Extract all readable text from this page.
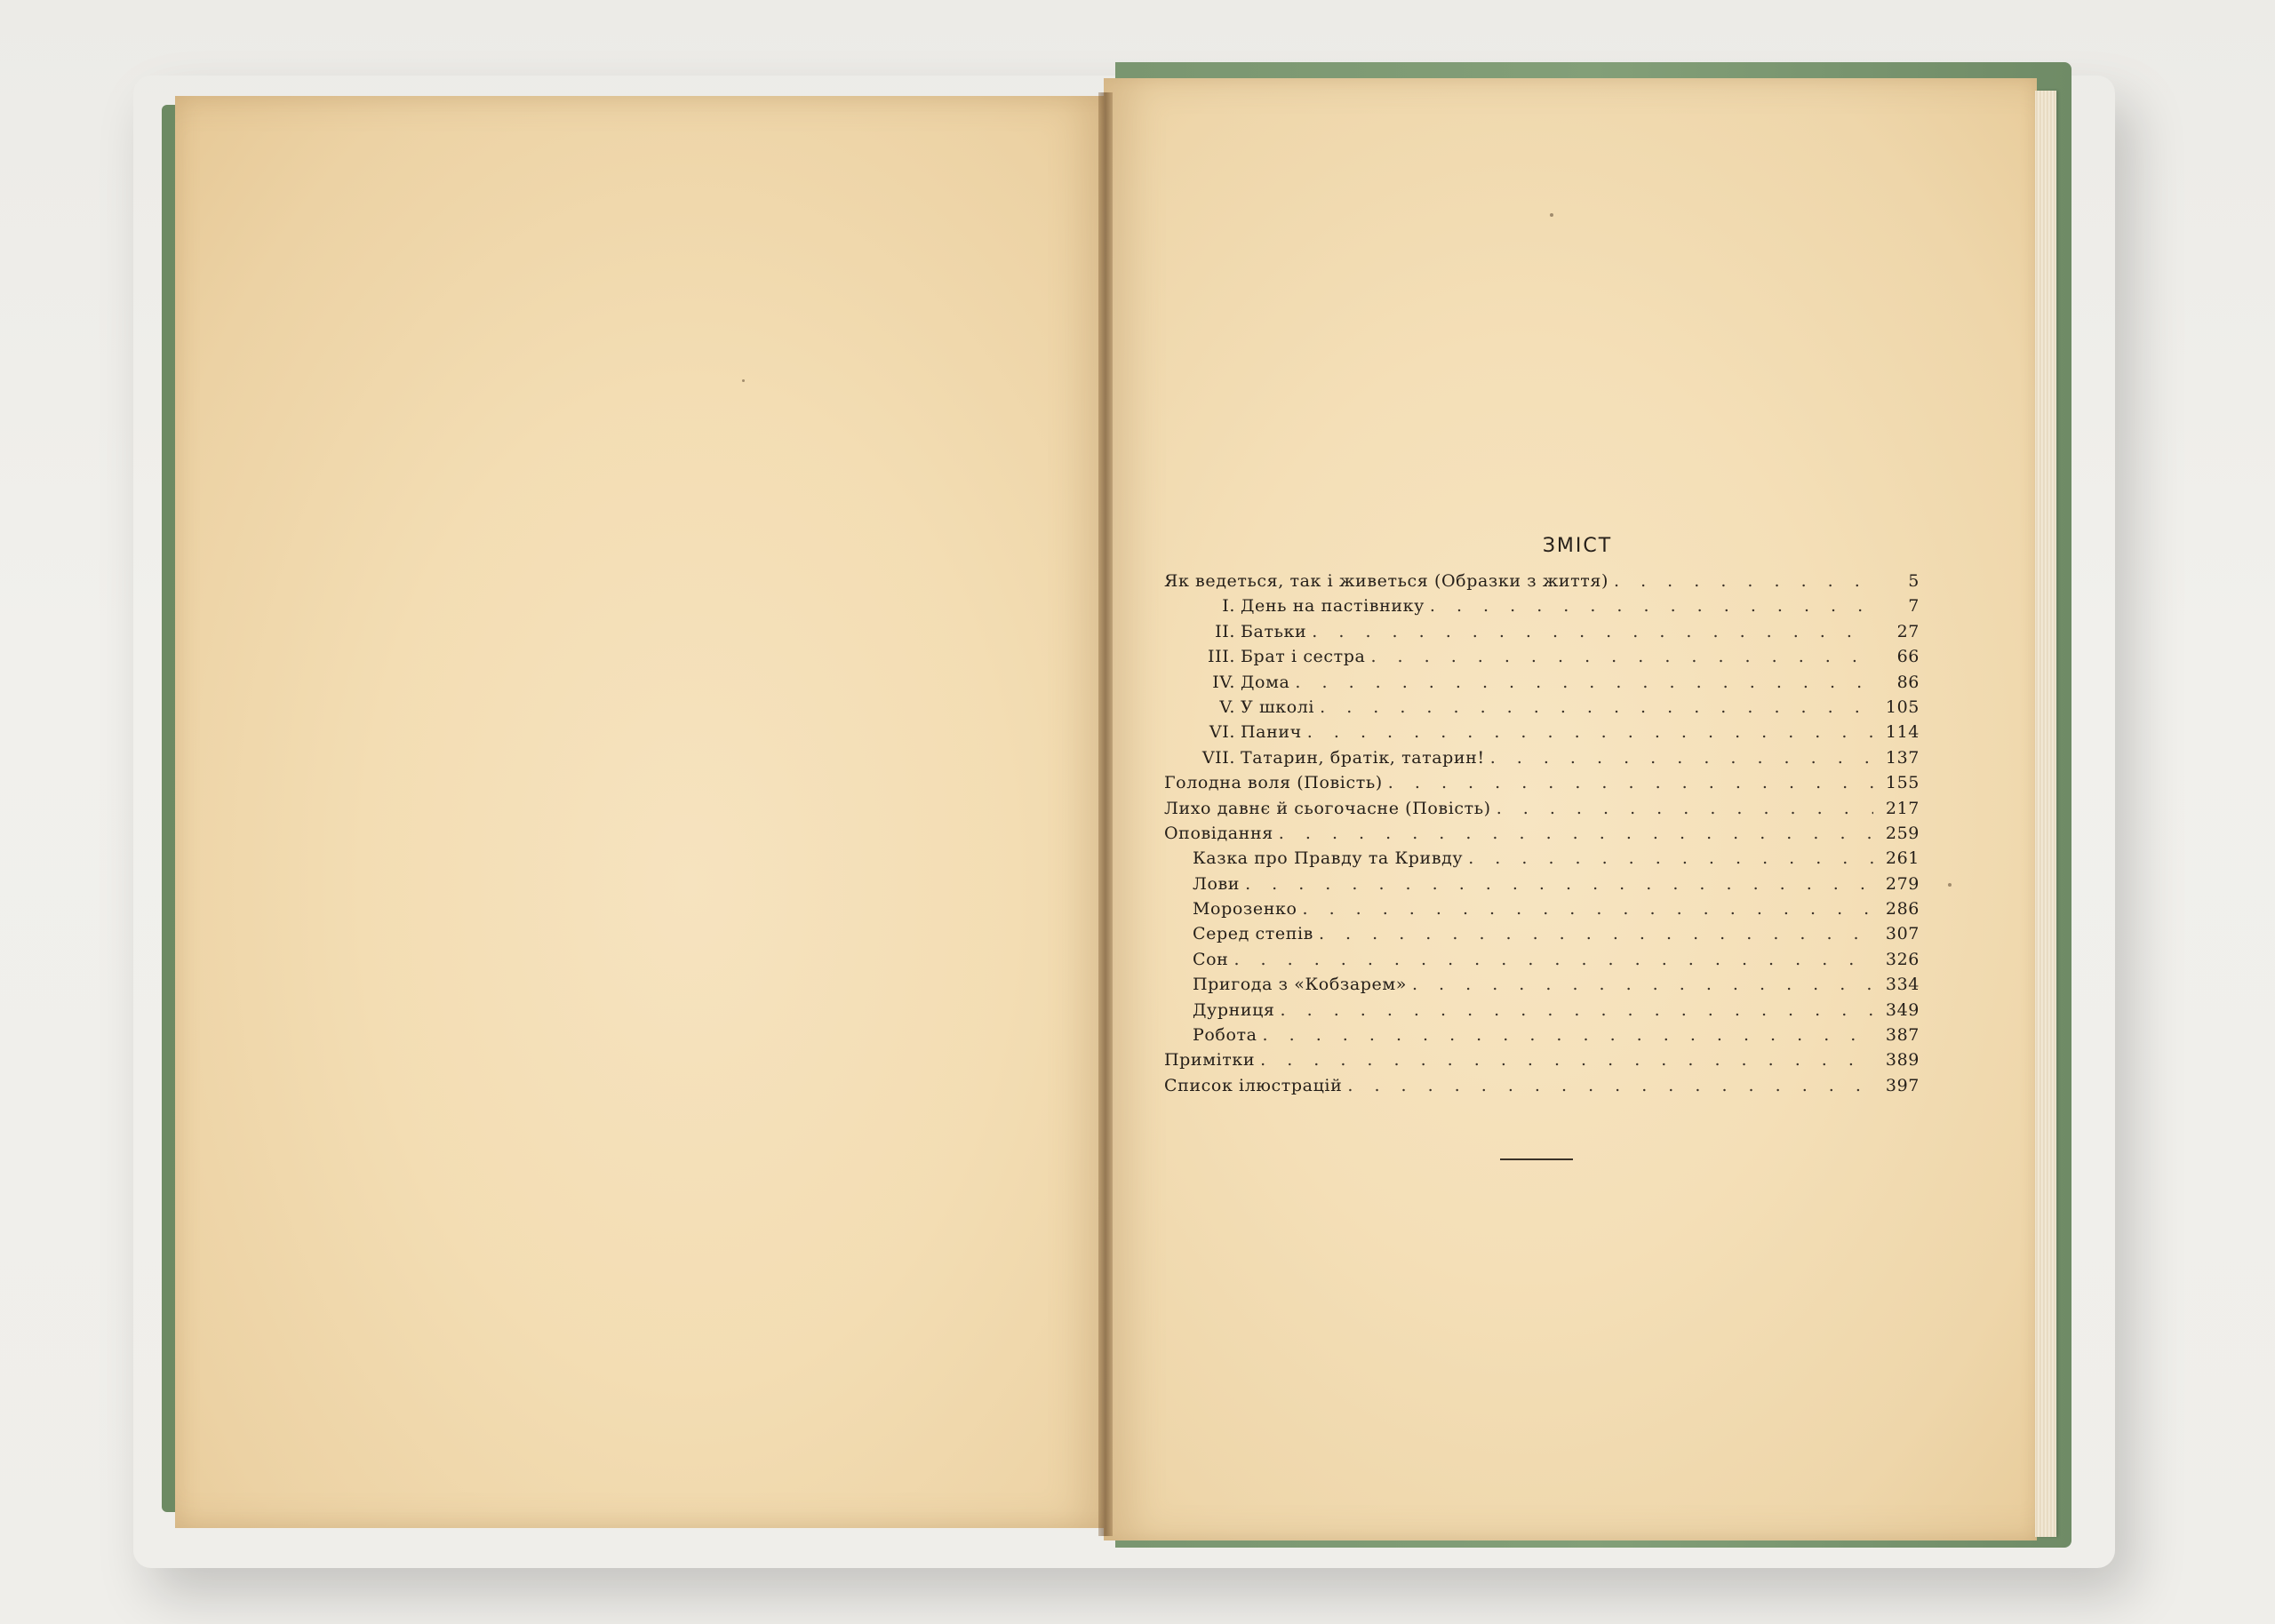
ЗМІСТ
Як ведеться, так і живеться (Образки з життя) . . .	5
I. День на пастівнику . . .	7
II. Батьки . . .	27
III. Брат і сестра . . .	66
IV. Дома . . .	86
V. У школі . . .	105
VI. Панич . . .	114
VII. Татарин, братік, татарин! . . .	137
Голодна воля (Повість) . . .	155
Лихо давнє й сьогочасне (Повість) . . .	217
Оповідання . . .	259
Казка про Правду та Кривду . . .	261
Лови . . .	279
Морозенко . . .	286
Серед степів . . .	307
Сон . . .	326
Пригода з «Кобзарем» . . .	334
Дурниця . . .	349
Робота . . .	387
Примітки . . .	389
Список ілюстрацій . . .	397
